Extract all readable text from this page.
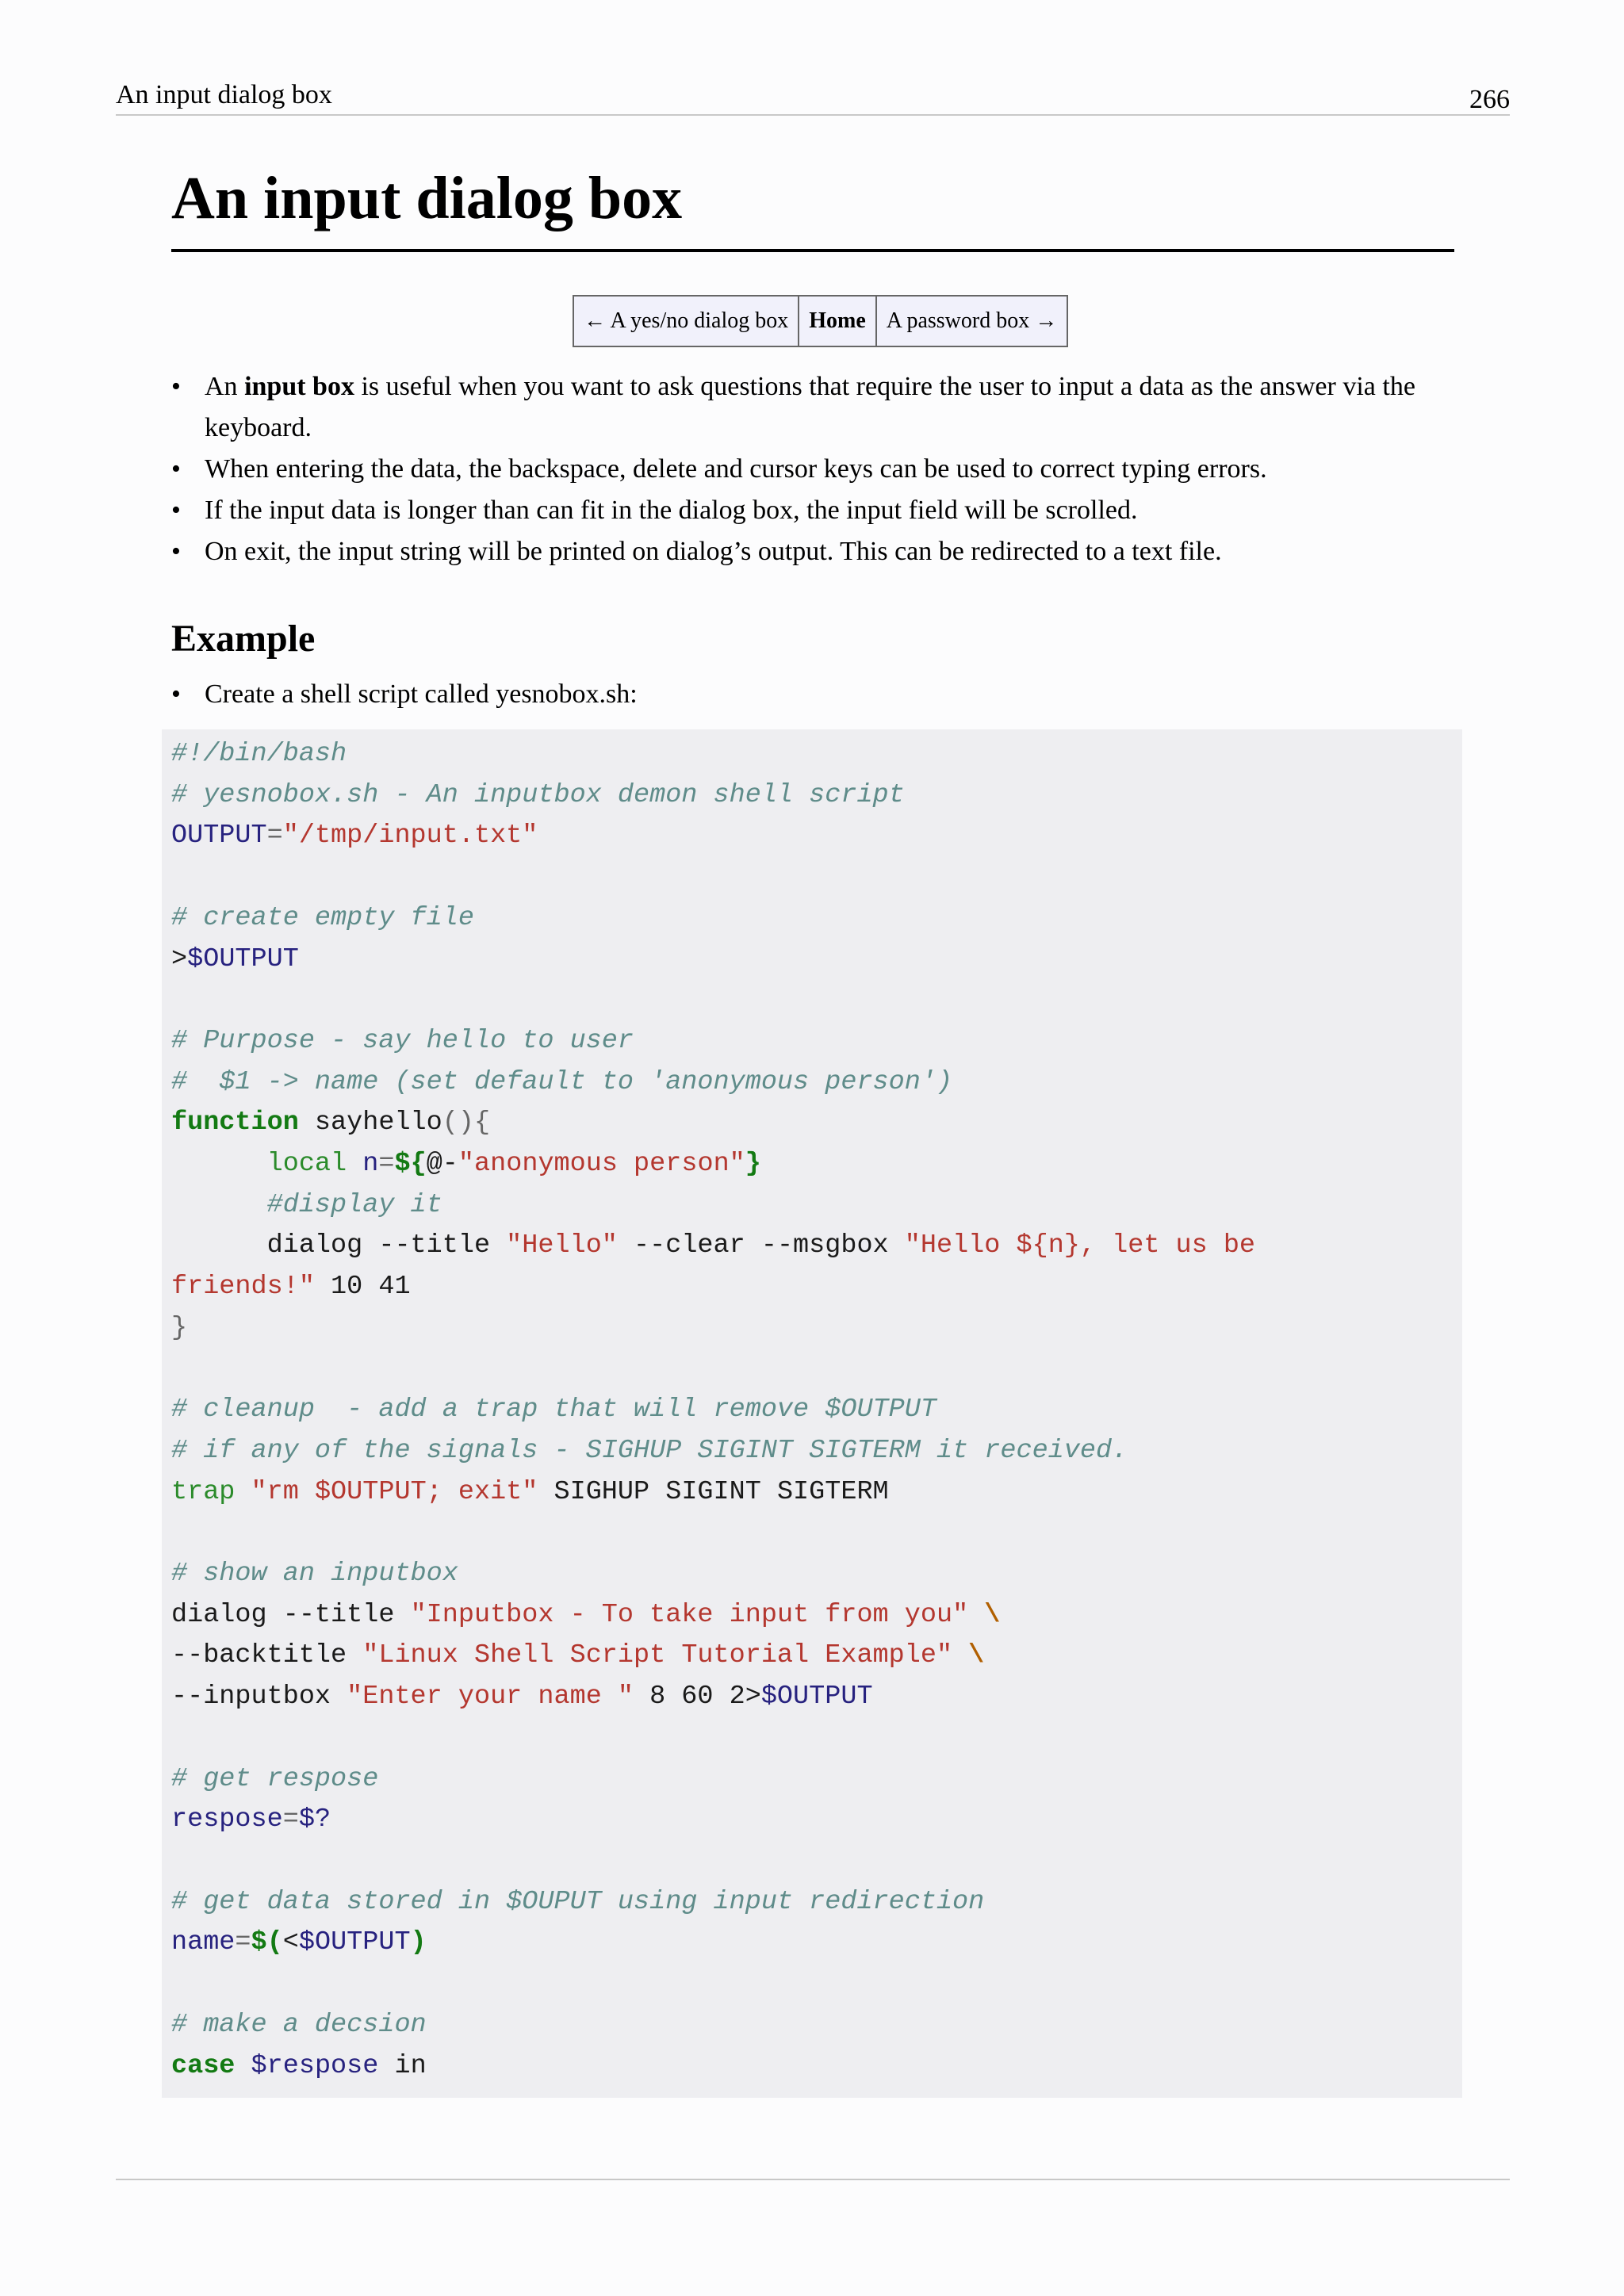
An input dialog box	266
An input dialog box
← A yes/no dialog box Home A password box →
• An input box is useful when you want to ask questions that require the user to input a data as the answer via the keyboard.
• When entering the data, the backspace, delete and cursor keys can be used to correct typing errors.
• If the input data is longer than can fit in the dialog box, the input field will be scrolled.
• On exit, the input string will be printed on dialog’s output. This can be redirected to a text file.
Example
• Create a shell script called yesnobox.sh:
#!/bin/bash
# yesnobox.sh - An inputbox demon shell script
OUTPUT="/tmp/input.txt"

# create empty file
>$OUTPUT

# Purpose - say hello to user
#  $1 -> name (set default to 'anonymous person')
function sayhello(){
local n=${@-"anonymous person"}
#display it
dialog --title "Hello" --clear --msgbox "Hello ${n}, let us be
friends!" 10 41
}

# cleanup  - add a trap that will remove $OUTPUT
# if any of the signals - SIGHUP SIGINT SIGTERM it received.
trap "rm $OUTPUT; exit" SIGHUP SIGINT SIGTERM

# show an inputbox
dialog --title "Inputbox - To take input from you" \
--backtitle "Linux Shell Script Tutorial Example" \
--inputbox "Enter your name " 8 60 2>$OUTPUT

# get respose
respose=$?

# get data stored in $OUPUT using input redirection
name=$(<$OUTPUT)

# make a decsion
case $respose in
